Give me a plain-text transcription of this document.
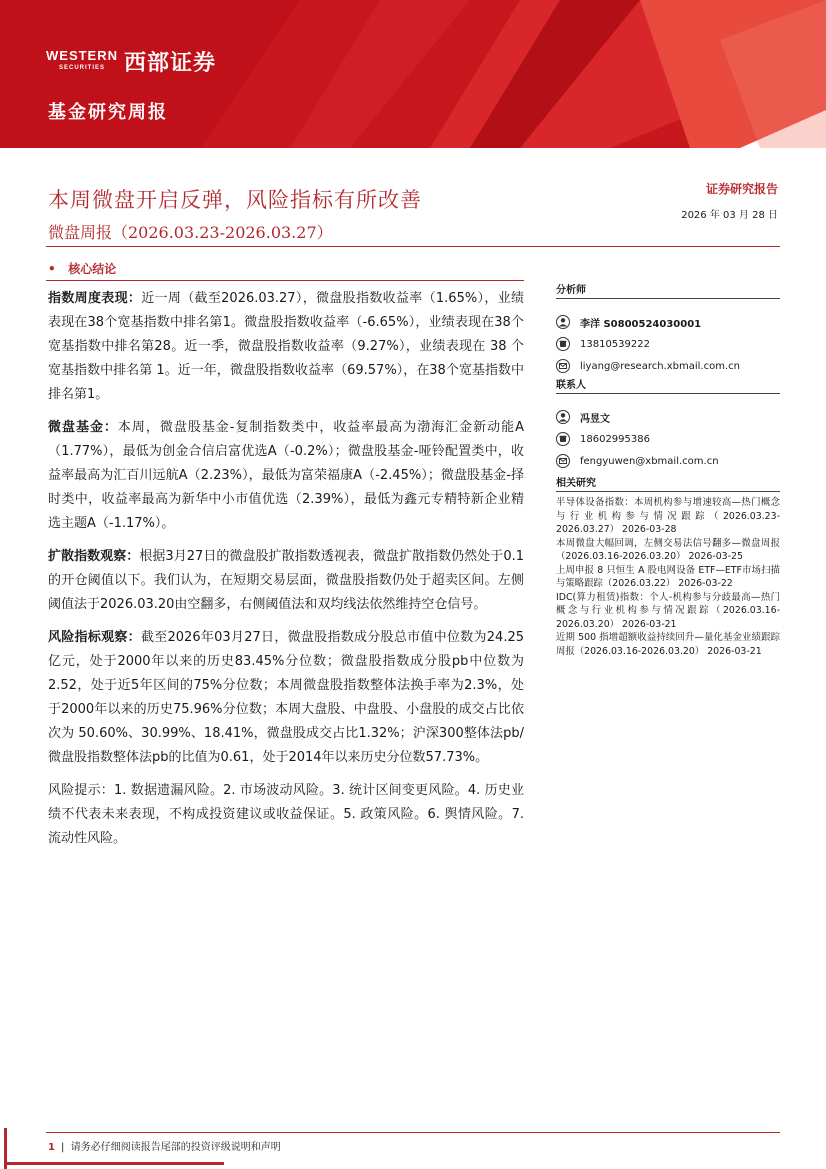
WESTERN
SECURITIES 西部证券
基金研究周报
本周微盘开启反弹，风险指标有所改善
微盘周报（2026.03.23-2026.03.27）
证券研究报告
2026 年 03 月 28 日
• 核心结论

指数周度表现：近一周（截至2026.03.27），微盘股指数收益率（1.65%），业绩表现在38个宽基指数中排名第1。微盘股指数收益率（-6.65%），业绩表现在38个宽基指数中排名第28。近一季，微盘股指数收益率（9.27%），业绩表现在 38 个宽基指数中排名第 1。近一年，微盘股指数收益率（69.57%），在38个宽基指数中排名第1。

微盘基金：本周，微盘股基金-复制指数类中，收益率最高为渤海汇金新动能A（1.77%），最低为创金合信启富优选A（-0.2%）；微盘股基金-哑铃配置类中，收益率最高为汇百川远航A（2.23%），最低为富荣福康A（-2.45%）；微盘股基金-择时类中，收益率最高为新华中小市值优选（2.39%），最低为鑫元专精特新企业精选主题A（-1.17%）。

扩散指数观察：根据3月27日的微盘股扩散指数透视表，微盘扩散指数仍然处于0.1的开仓阈值以下。我们认为，在短期交易层面，微盘股指数仍处于超卖区间。左侧阈值法于2026.03.20由空翻多，右侧阈值法和双均线法依然维持空仓信号。

风险指标观察：截至2026年03月27日，微盘股指数成分股总市值中位数为24.25亿元，处于2000年以来的历史83.45%分位数；微盘股指数成分股pb中位数为2.52，处于近5年区间的75%分位数；本周微盘股指数整体法换手率为2.3%，处于2000年以来的历史75.96%分位数；本周大盘股、中盘股、小盘股的成交占比依次为 50.60%、30.99%、18.41%，微盘股成交占比1.32%；沪深300整体法pb/微盘股指数整体法pb的比值为0.61，处于2014年以来历史分位数57.73%。

风险提示：1. 数据遗漏风险。2. 市场波动风险。3. 统计区间变更风险。4. 历史业绩不代表未来表现，不构成投资建议或收益保证。5. 政策风险。6. 舆情风险。7. 流动性风险。

分析师
李洋 S0800524030001
13810539222
liyang@research.xbmail.com.cn
联系人
冯昱文
18602995386
fengyuwen@xbmail.com.cn
相关研究
半导体设备指数：本周机构参与增速较高—热门概念与行业机构参与情况跟踪（2026.03.23-2026.03.27） 2026-03-28
本周微盘大幅回调，左侧交易法信号翻多—微盘周报（2026.03.16-2026.03.20） 2026-03-25
上周申报 8 只恒生 A 股电网设备 ETF—ETF市场扫描与策略跟踪（2026.03.22） 2026-03-22
IDC(算力租赁)指数：个人-机构参与分歧最高—热门概念与行业机构参与情况跟踪（2026.03.16-2026.03.20） 2026-03-21
近期 500 指增超额收益持续回升—量化基金业绩跟踪周报（2026.03.16-2026.03.20） 2026-03-21
1 |  请务必仔细阅读报告尾部的投资评级说明和声明
